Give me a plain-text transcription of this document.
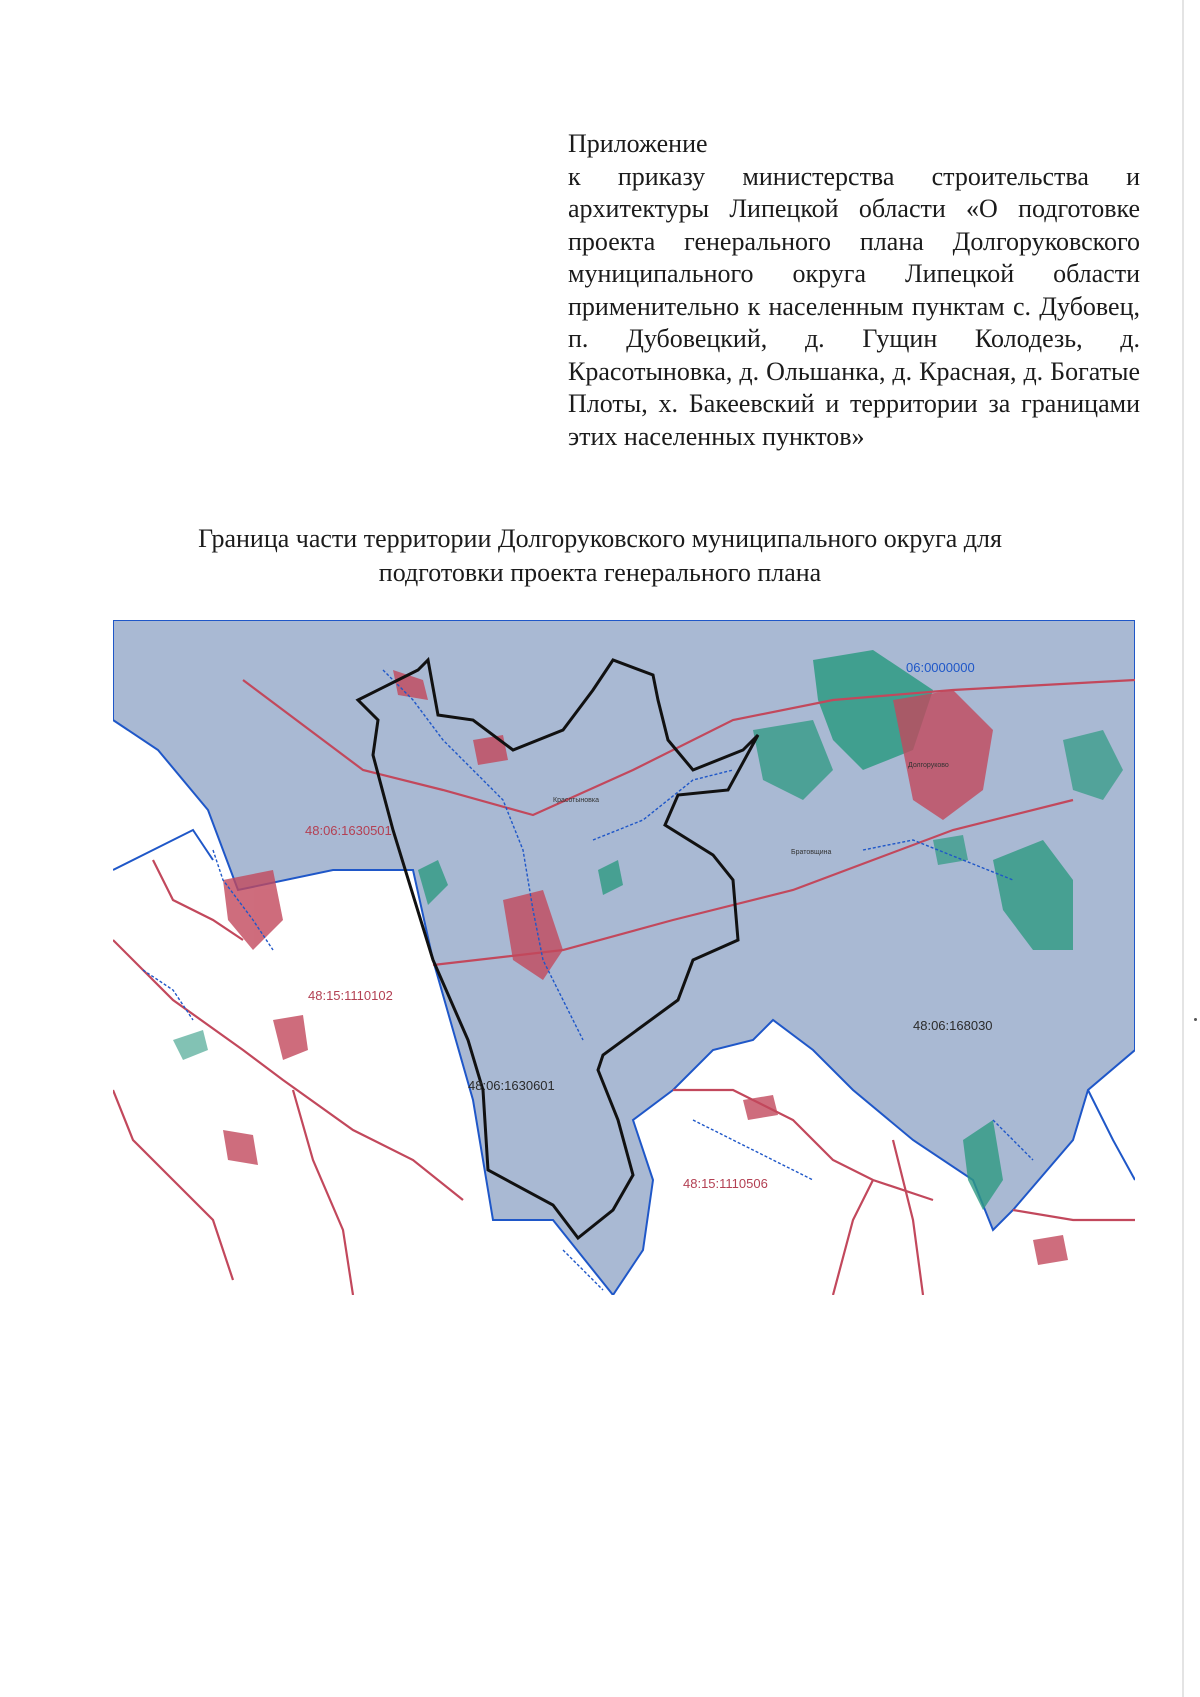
Приложение
к приказу министерства строительства и архитектуры Липецкой области «О подготовке проекта генерального плана Долгоруковского муниципального округа Липецкой области применительно к населенным пунктам с. Дубовец, п. Дубовецкий, д. Гущин Колодезь, д. Красотыновка, д. Ольшанка, д. Красная, д. Богатые Плоты, х. Бакеевский и территории за границами этих населенных пунктов»
Граница части территории Долгоруковского муниципального округа для
подготовки проекта генерального плана
48:06:1630501
48:06:1630601
06:0000000
48:06:168030
48:15:1110102
48:15:1110506
Долгоруково
Братовщина
Красотыновка
